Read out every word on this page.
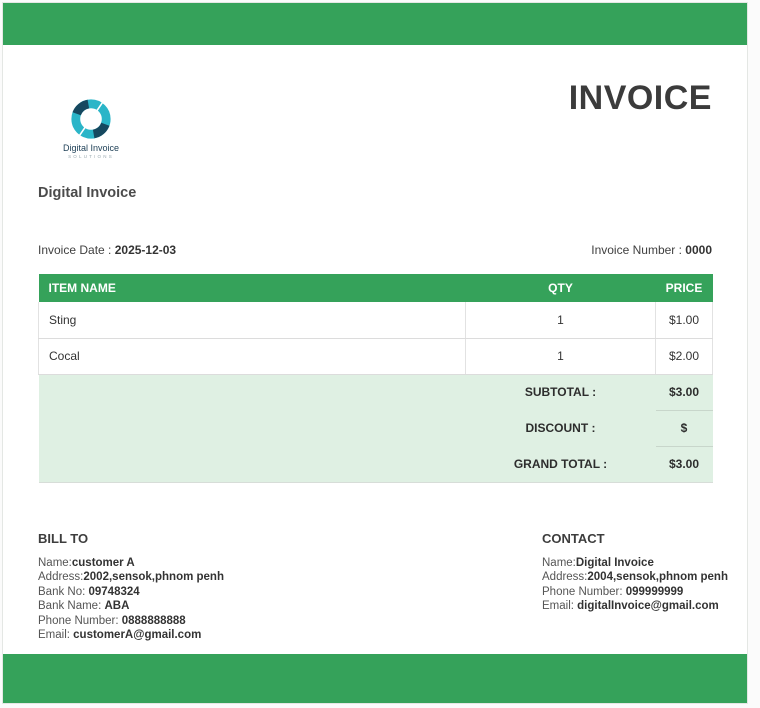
Digital Invoice
SOLUTIONS
INVOICE
Digital Invoice
Invoice Date : 2025-12-03	Invoice Number : 0000
ITEM NAME	QTY	PRICE
Sting	1	$1.00
Cocal	1	$2.00
	SUBTOTAL :	$3.00
	DISCOUNT :	$
	GRAND TOTAL :	$3.00
BILL TO
Name:customer A
Address:2002,sensok,phnom penh
Bank No: 09748324
Bank Name: ABA
Phone Number: 0888888888
Email: customerA@gmail.com
CONTACT
Name:Digital Invoice
Address:2004,sensok,phnom penh
Phone Number: 099999999
Email: digitalInvoice@gmail.com
